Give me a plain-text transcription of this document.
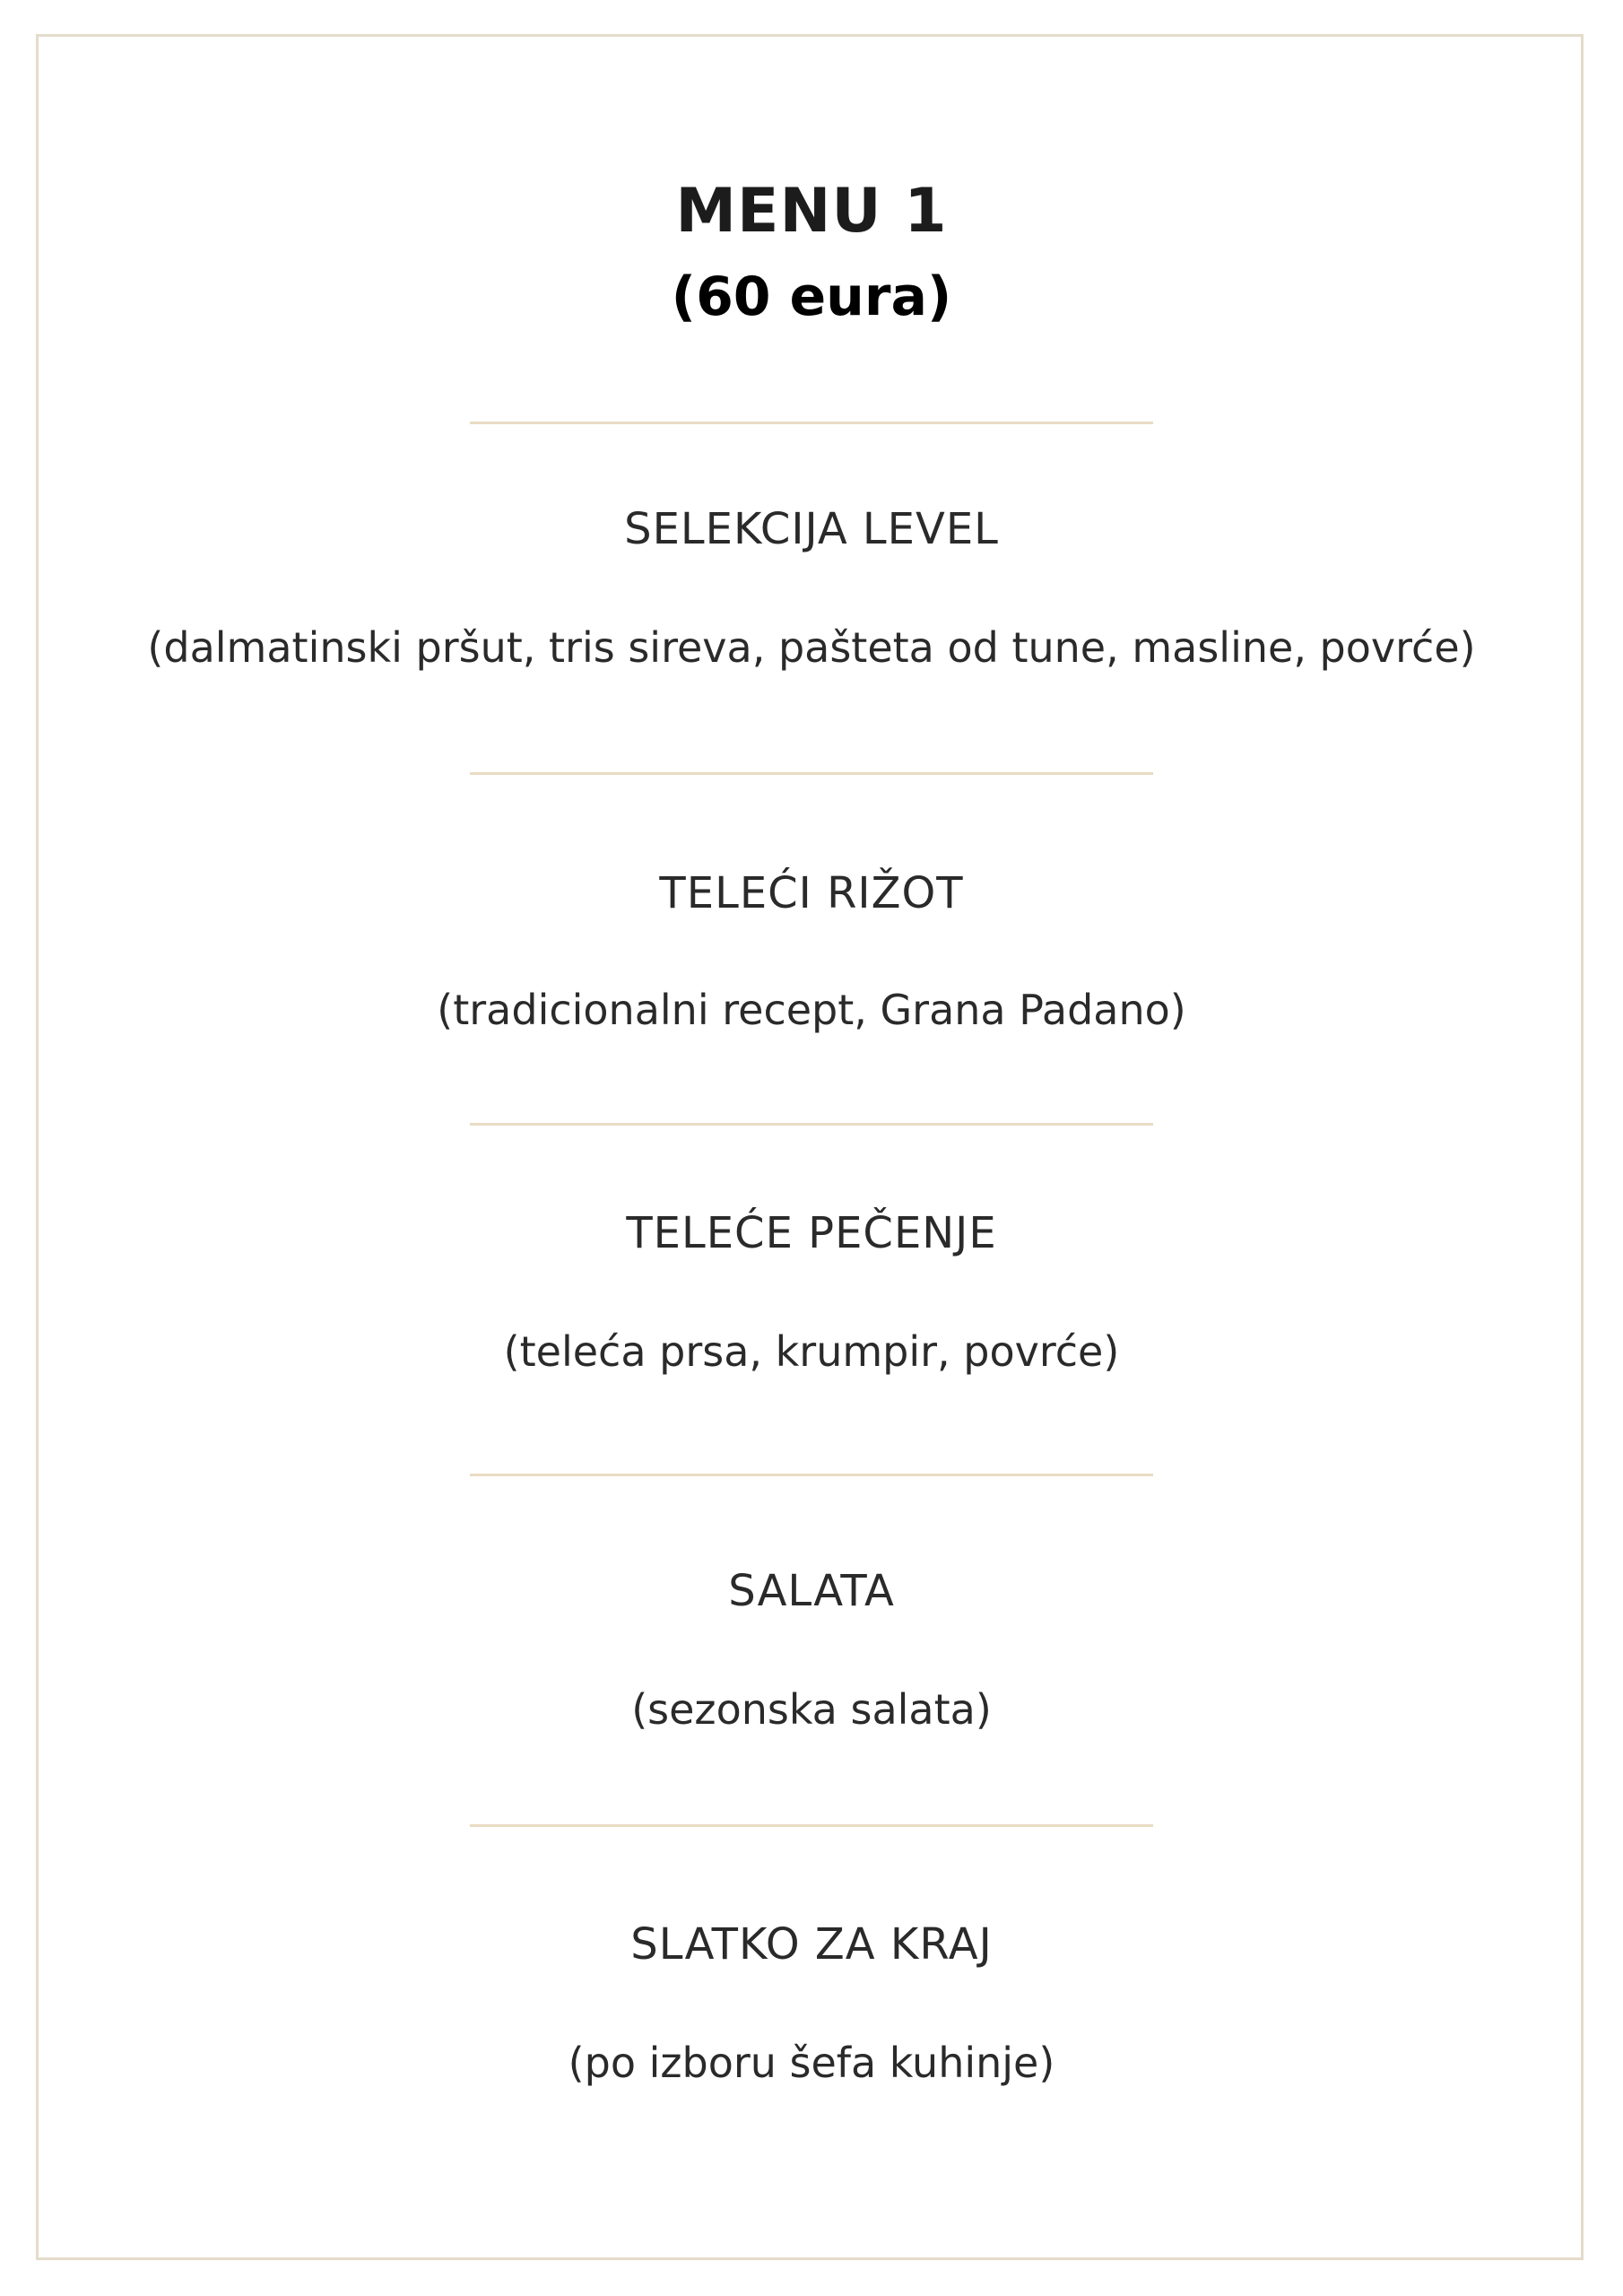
MENU 1
(60 eura)
SELEKCIJA LEVEL
(dalmatinski pršut, tris sireva, pašteta od tune, masline, povrće)
TELEĆI RIŽOT
(tradicionalni recept, Grana Padano)
TELEĆE PEČENJE
(teleća prsa, krumpir, povrće)
SALATA
(sezonska salata)
SLATKO ZA KRAJ
(po izboru šefa kuhinje)
